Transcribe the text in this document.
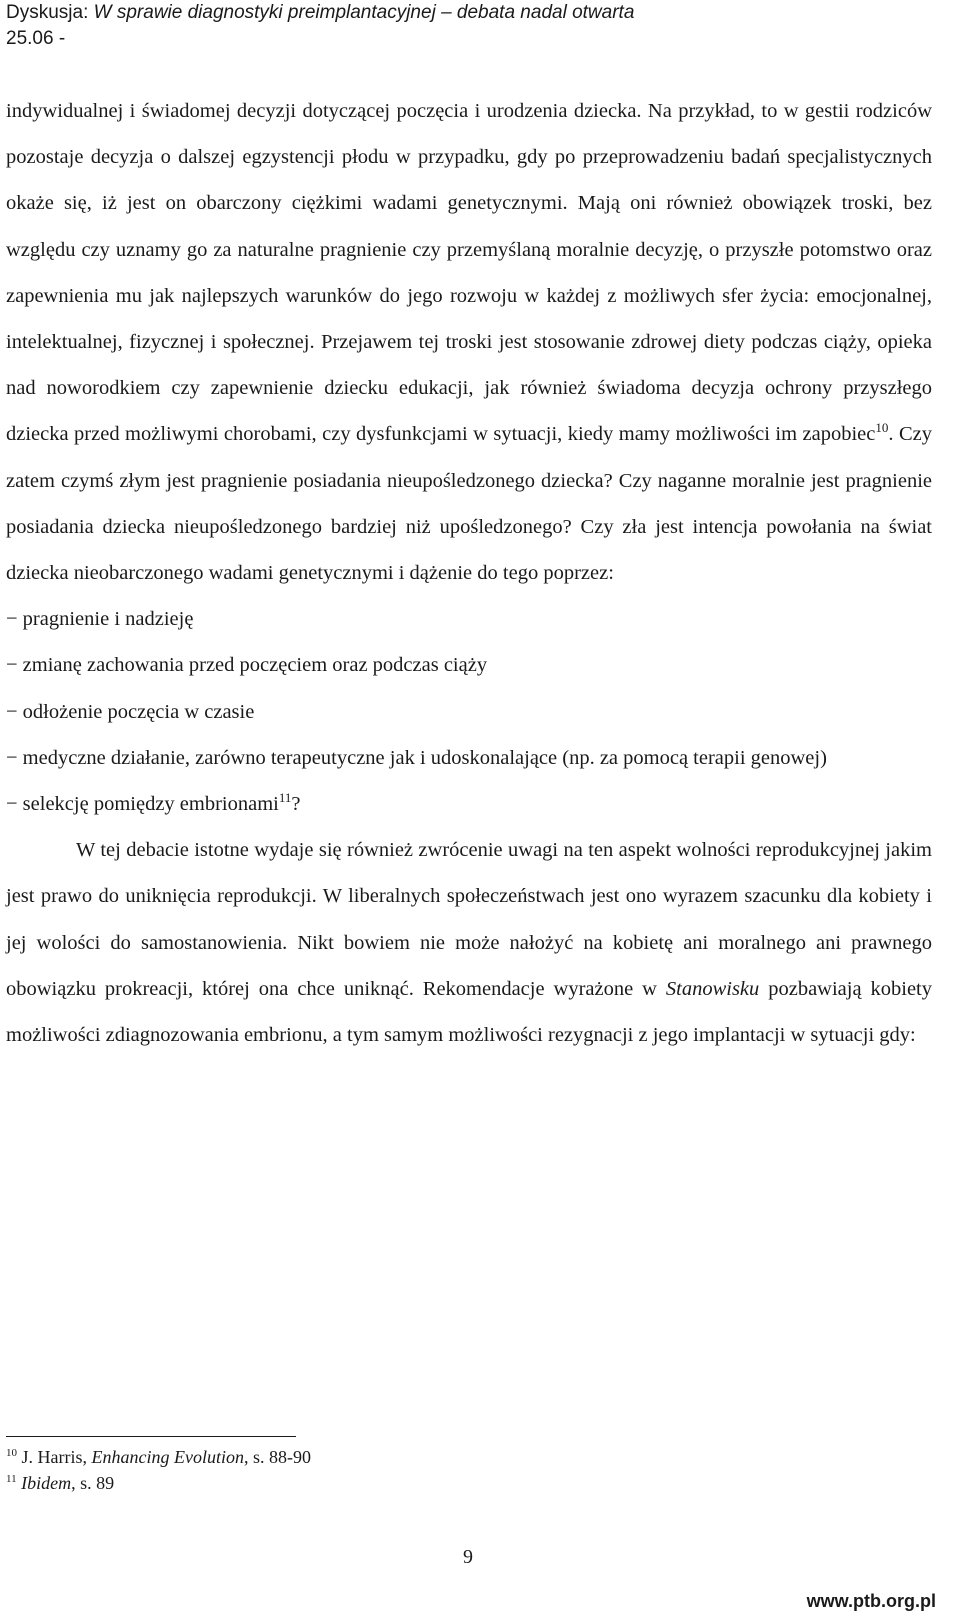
Dyskusja: W sprawie diagnostyki preimplantacyjnej – debata nadal otwarta
25.06 -

indywidualnej i świadomej decyzji dotyczącej poczęcia i urodzenia dziecka. Na przykład, to w gestii rodziców pozostaje decyzja o dalszej egzystencji płodu w przypadku, gdy po przeprowadzeniu badań specjalistycznych okaże się, iż jest on obarczony ciężkimi wadami genetycznymi. Mają oni również obowiązek troski, bez względu czy uznamy go za naturalne pragnienie czy przemyślaną moralnie decyzję, o przyszłe potomstwo oraz zapewnienia mu jak najlepszych warunków do jego rozwoju w każdej z możliwych sfer życia: emocjonalnej, intelektualnej, fizycznej i społecznej. Przejawem tej troski jest stosowanie zdrowej diety podczas ciąży, opieka nad noworodkiem czy zapewnienie dziecku edukacji, jak również świadoma decyzja ochrony przyszłego dziecka przed możliwymi chorobami, czy dysfunkcjami w sytuacji, kiedy mamy możliwości im zapobiec$^{10}$. Czy zatem czymś złym jest pragnienie posiadania nieupośledzonego dziecka? Czy naganne moralnie jest pragnienie posiadania dziecka nieupośledzonego bardziej niż upośledzonego? Czy zła jest intencja powołania na świat dziecka nieobarczonego wadami genetycznymi i dążenie do tego poprzez:

− pragnienie i nadzieję
− zmianę zachowania przed poczęciem oraz podczas ciąży
− odłożenie poczęcia w czasie
− medyczne działanie, zarówno terapeutyczne jak i udoskonalające (np. za pomocą terapii genowej)
− selekcję pomiędzy embrionami$^{11}$?

W tej debacie istotne wydaje się również zwrócenie uwagi na ten aspekt wolności reprodukcyjnej jakim jest prawo do uniknięcia reprodukcji. W liberalnych społeczeństwach jest ono wyrazem szacunku dla kobiety i jej wolości do samostanowienia. Nikt bowiem nie może nałożyć na kobietę ani moralnego ani prawnego obowiązku prokreacji, której ona chce uniknąć. Rekomendacje wyrażone w Stanowisku pozbawiają kobiety możliwości zdiagnozowania embrionu, a tym samym możliwości rezygnacji z jego implantacji w sytuacji gdy:

$^{10}$ J. Harris, Enhancing Evolution, s. 88-90
$^{11}$ Ibidem, s. 89
9
www.ptb.org.pl
